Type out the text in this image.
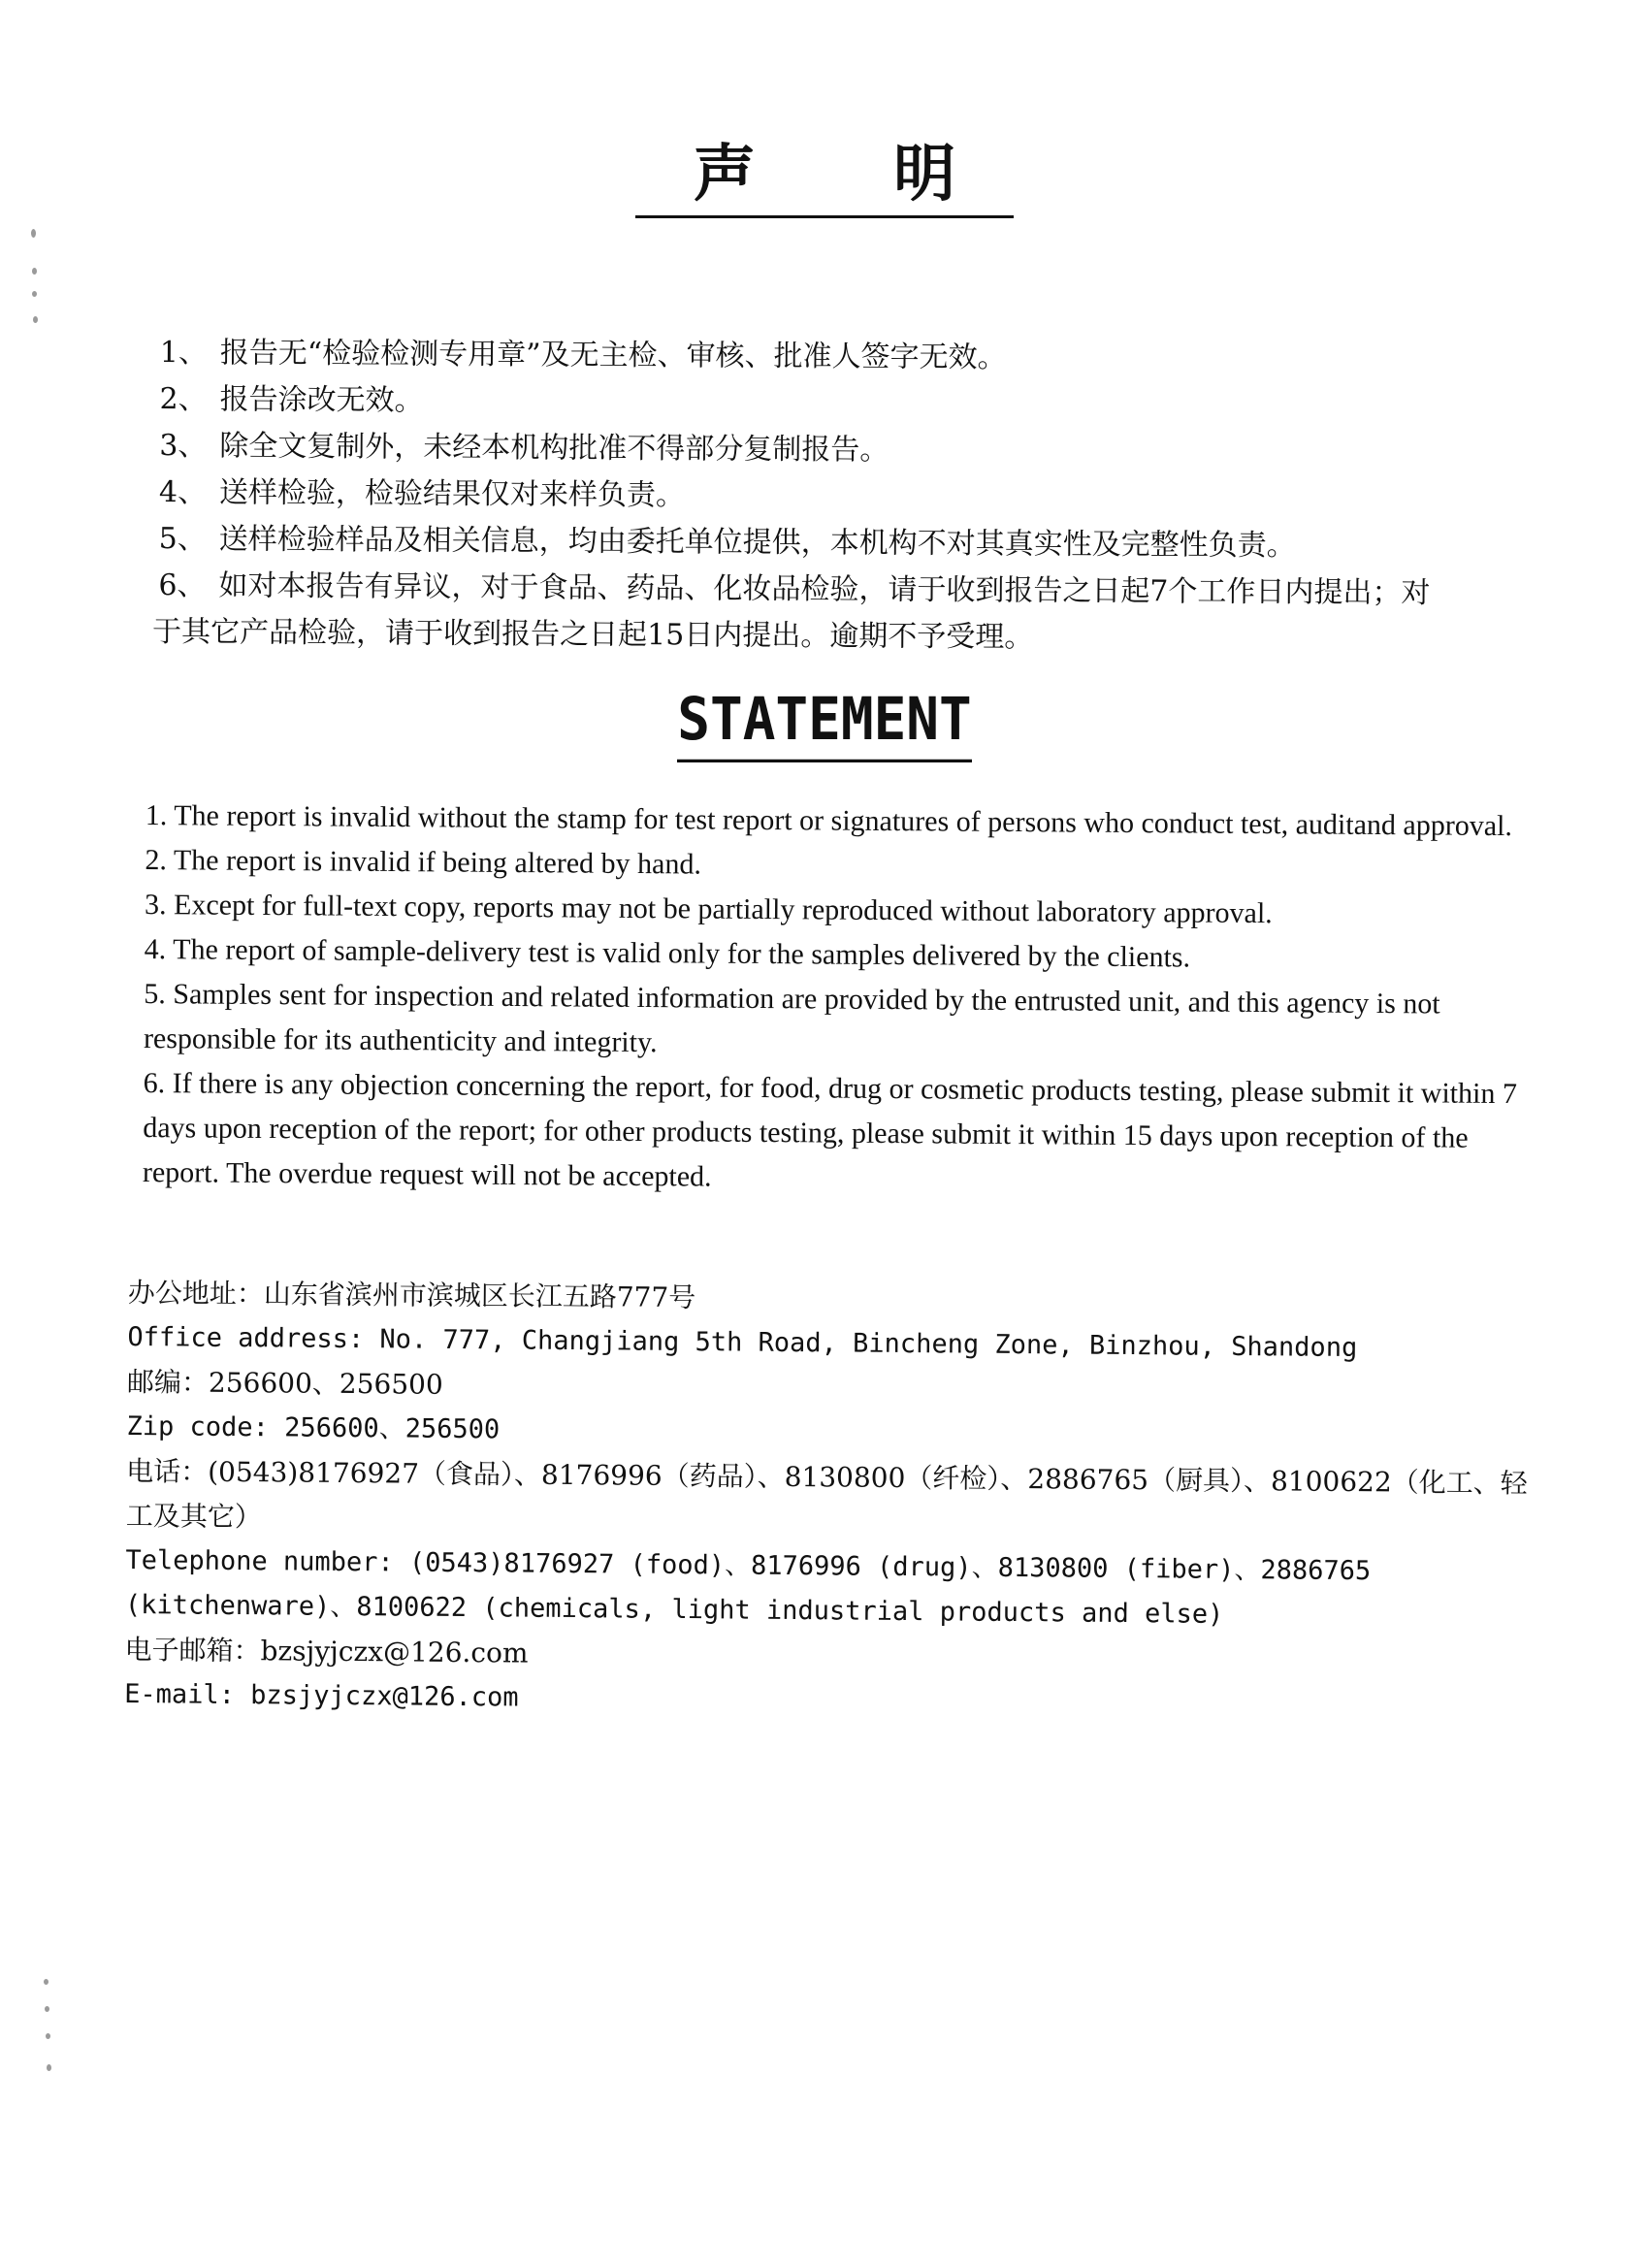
声 明
1、 报告无“检验检测专用章”及无主检、审核、批准人签字无效。
2、 报告涂改无效。
3、 除全文复制外，未经本机构批准不得部分复制报告。
4、 送样检验，检验结果仅对来样负责。
5、 送样检验样品及相关信息，均由委托单位提供，本机构不对其真实性及完整性负责。
6、 如对本报告有异议，对于食品、药品、化妆品检验，请于收到报告之日起7个工作日内提出；对
于其它产品检验，请于收到报告之日起15日内提出。逾期不予受理。
STATEMENT

1. The report is invalid without the stamp for test report or signatures of persons who conduct test, auditand approval.

2. The report is invalid if being altered by hand.

3. Except for full-text copy, reports may not be partially reproduced without laboratory approval.

4. The report of sample-delivery test is valid only for the samples delivered by the clients.

5. Samples sent for inspection and related information are provided by the entrusted unit, and this agency is not responsible for its authenticity and integrity.

6. If there is any objection concerning the report, for food, drug or cosmetic products testing, please submit it within 7 days upon reception of the report; for other products testing, please submit it within 15 days upon reception of the report. The overdue request will not be accepted.

办公地址：山东省滨州市滨城区长江五路777号
Office address: No. 777, Changjiang 5th Road, Bincheng Zone, Binzhou, Shandong
邮编：256600、256500
Zip code: 256600、256500
电话：(0543)8176927（食品）、8176996（药品）、8130800（纤检）、2886765（厨具）、8100622（化工、轻工及其它）
Telephone number: (0543)8176927 (food)、8176996 (drug)、8130800 (fiber)、2886765 (kitchenware)、8100622 (chemicals, light industrial products and else)
电子邮箱：bzsjyjczx@126.com
E-mail: bzsjyjczx@126.com
